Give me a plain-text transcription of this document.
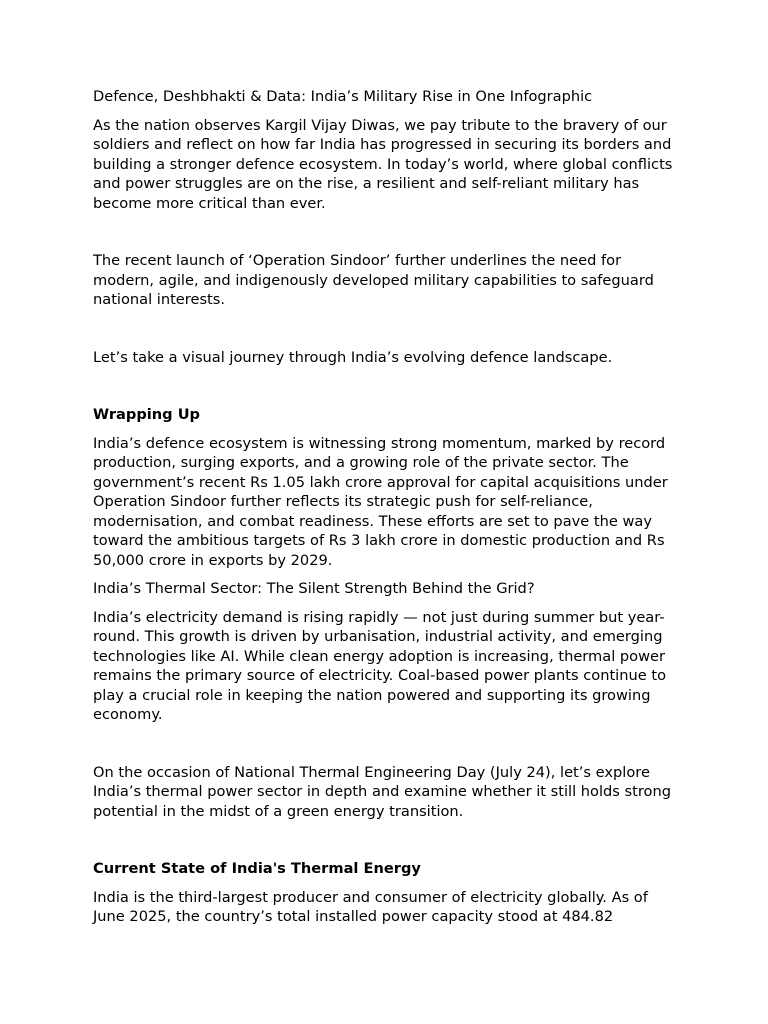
Defence, Deshbhakti & Data: India’s Military Rise in One Infographic

As the nation observes Kargil Vijay Diwas, we pay tribute to the bravery of our soldiers and reflect on how far India has progressed in securing its borders and building a stronger defence ecosystem. In today’s world, where global conflicts and power struggles are on the rise, a resilient and self-reliant military has become more critical than ever.

The recent launch of ‘Operation Sindoor’ further underlines the need for modern, agile, and indigenously developed military capabilities to safeguard national interests.

Let’s take a visual journey through India’s evolving defence landscape.

Wrapping Up

India’s defence ecosystem is witnessing strong momentum, marked by record production, surging exports, and a growing role of the private sector. The government’s recent Rs 1.05 lakh crore approval for capital acquisitions under Operation Sindoor further reflects its strategic push for self-reliance, modernisation, and combat readiness. These efforts are set to pave the way toward the ambitious targets of Rs 3 lakh crore in domestic production and Rs 50,000 crore in exports by 2029.

India’s Thermal Sector: The Silent Strength Behind the Grid?

India’s electricity demand is rising rapidly — not just during summer but year-round. This growth is driven by urbanisation, industrial activity, and emerging technologies like AI. While clean energy adoption is increasing, thermal power remains the primary source of electricity. Coal-based power plants continue to play a crucial role in keeping the nation powered and supporting its growing economy.

On the occasion of National Thermal Engineering Day (July 24), let’s explore India’s thermal power sector in depth and examine whether it still holds strong potential in the midst of a green energy transition.

Current State of India's Thermal Energy

India is the third-largest producer and consumer of electricity globally. As of June 2025, the country’s total installed power capacity stood at 484.82
